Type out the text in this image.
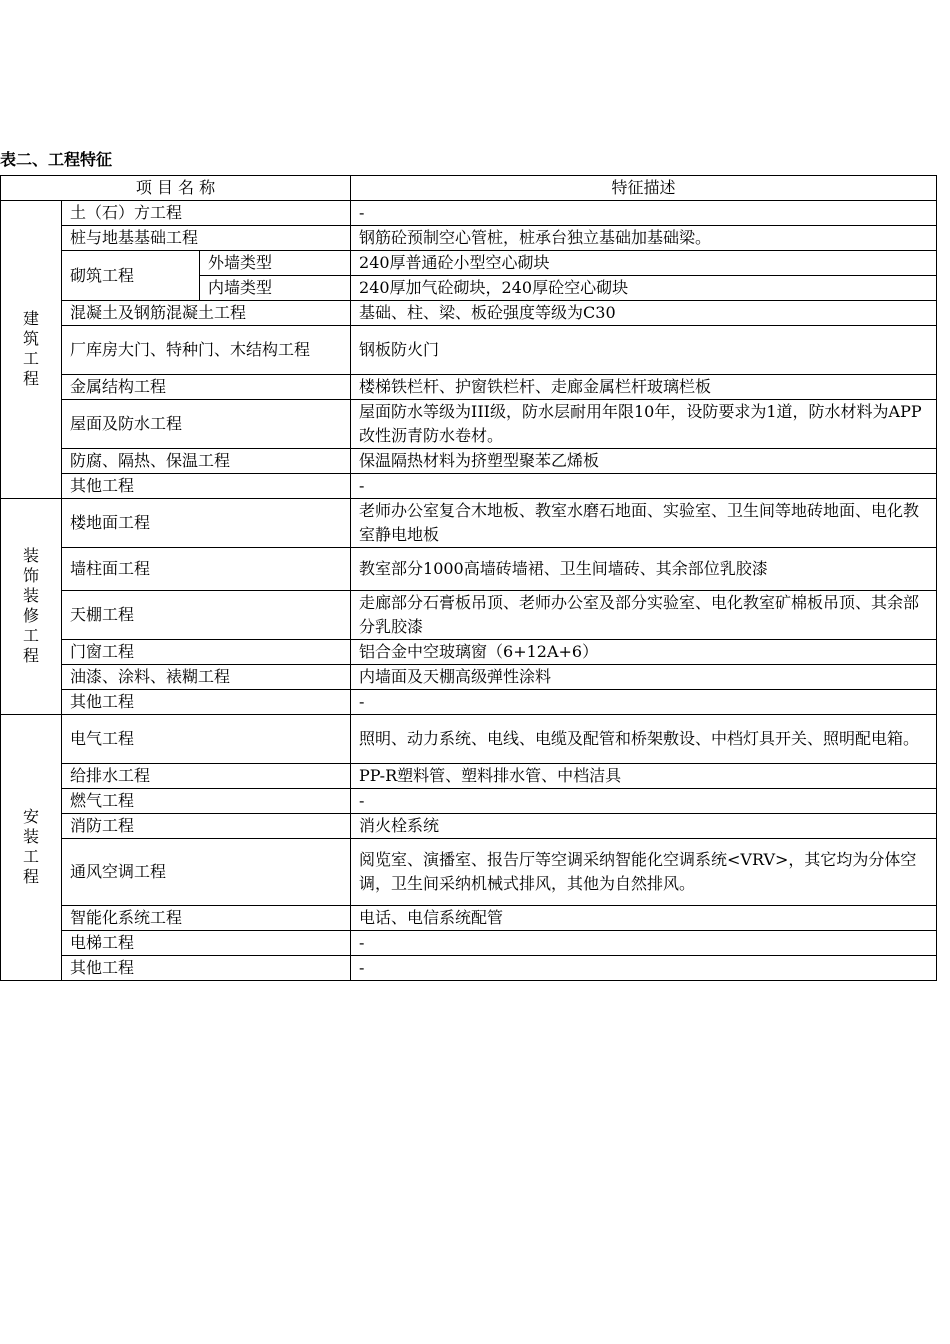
表二、工程特征
项 目 名 称			特征描述
建筑工程	土（石）方工程		-
	桩与地基基础工程		钢筋砼预制空心管桩，桩承台独立基础加基础梁。
	砌筑工程	外墙类型	240厚普通砼小型空心砌块
		内墙类型	240厚加气砼砌块，240厚砼空心砌块
	混凝土及钢筋混凝土工程		基础、柱、梁、板砼强度等级为C30
	厂库房大门、特种门、木结构工程		钢板防火门
	金属结构工程		楼梯铁栏杆、护窗铁栏杆、走廊金属栏杆玻璃栏板
	屋面及防水工程		屋面防水等级为III级，防水层耐用年限10年，设防要求为1道，防水材料为APP改性沥青防水卷材。
	防腐、隔热、保温工程		保温隔热材料为挤塑型聚苯乙烯板
	其他工程		-

装饰装修工程	楼地面工程		老师办公室复合木地板、教室水磨石地面、实验室、卫生间等地砖地面、电化教室静电地板
	墙柱面工程		教室部分1000高墙砖墙裙、卫生间墙砖、其余部位乳胶漆
	天棚工程		走廊部分石膏板吊顶、老师办公室及部分实验室、电化教室矿棉板吊顶、其余部分乳胶漆
	门窗工程		铝合金中空玻璃窗（6+12A+6）
	油漆、涂料、裱糊工程		内墙面及天棚高级弹性涂料
	其他工程		-
安装工程	电气工程		照明、动力系统、电线、电缆及配管和桥架敷设、中档灯具开关、照明配电箱。
	给排水工程		PP-R塑料管、塑料排水管、中档洁具
	燃气工程		-
	消防工程		消火栓系统
	通风空调工程		阅览室、演播室、报告厅等空调采纳智能化空调系统<VRV>，其它均为分体空调，卫生间采纳机械式排风，其他为自然排风。
	智能化系统工程		电话、电信系统配管
	电梯工程		-
	其他工程		-
